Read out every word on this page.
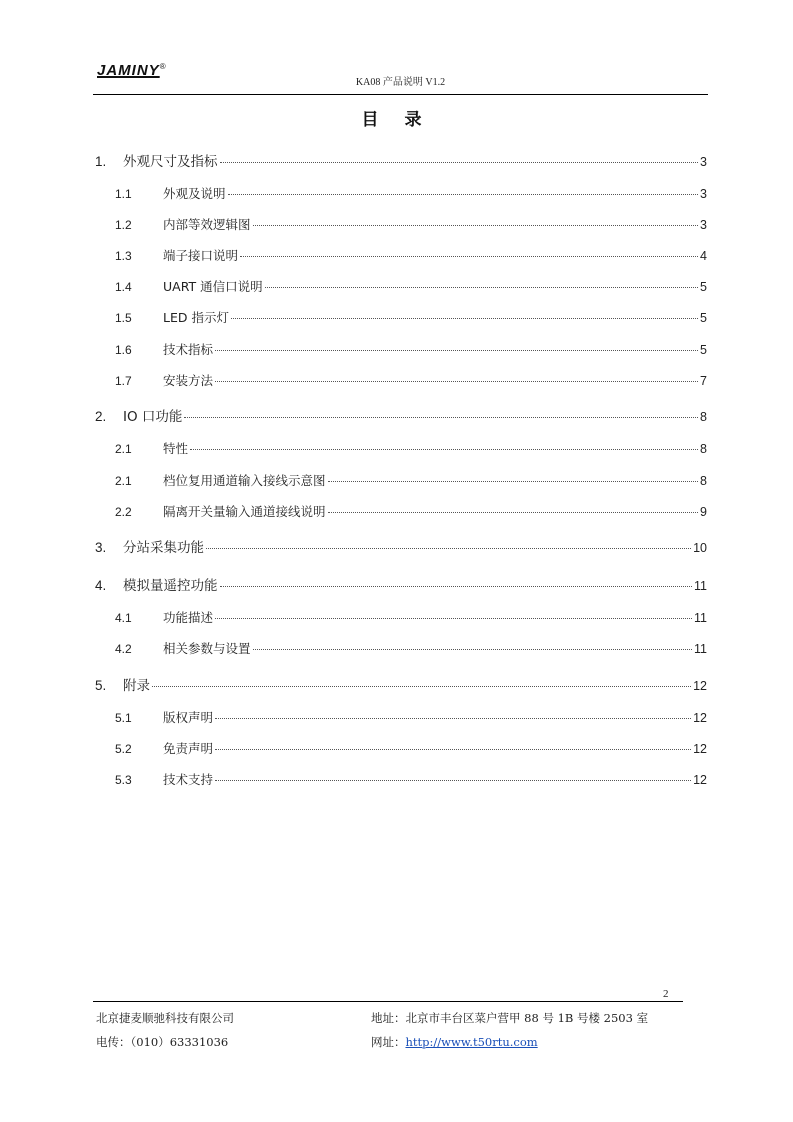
JAMINY®
KA08 产品说明 V1.2
目 录
1.	外观尺寸及指标	3
1.1	外观及说明	3
1.2	内部等效逻辑图	3
1.3	端子接口说明	4
1.4	UART 通信口说明	5
1.5	LED 指示灯	5
1.6	技术指标	5
1.7	安装方法	7
2.	IO 口功能	8
2.1	特性	8
2.1	档位复用通道输入接线示意图	8
2.2	隔离开关量输入通道接线说明	9
3.	分站采集功能	10
4.	模拟量遥控功能	11
4.1	功能描述	11
4.2	相关参数与设置	11
5.	附录	12
5.1	版权声明	12
5.2	免责声明	12
5.3	技术支持	12
2
北京捷麦顺驰科技有限公司
电传：（010）63331036
地址：北京市丰台区菜户营甲 88 号 1B 号楼 2503 室
网址：http://www.t50rtu.com
